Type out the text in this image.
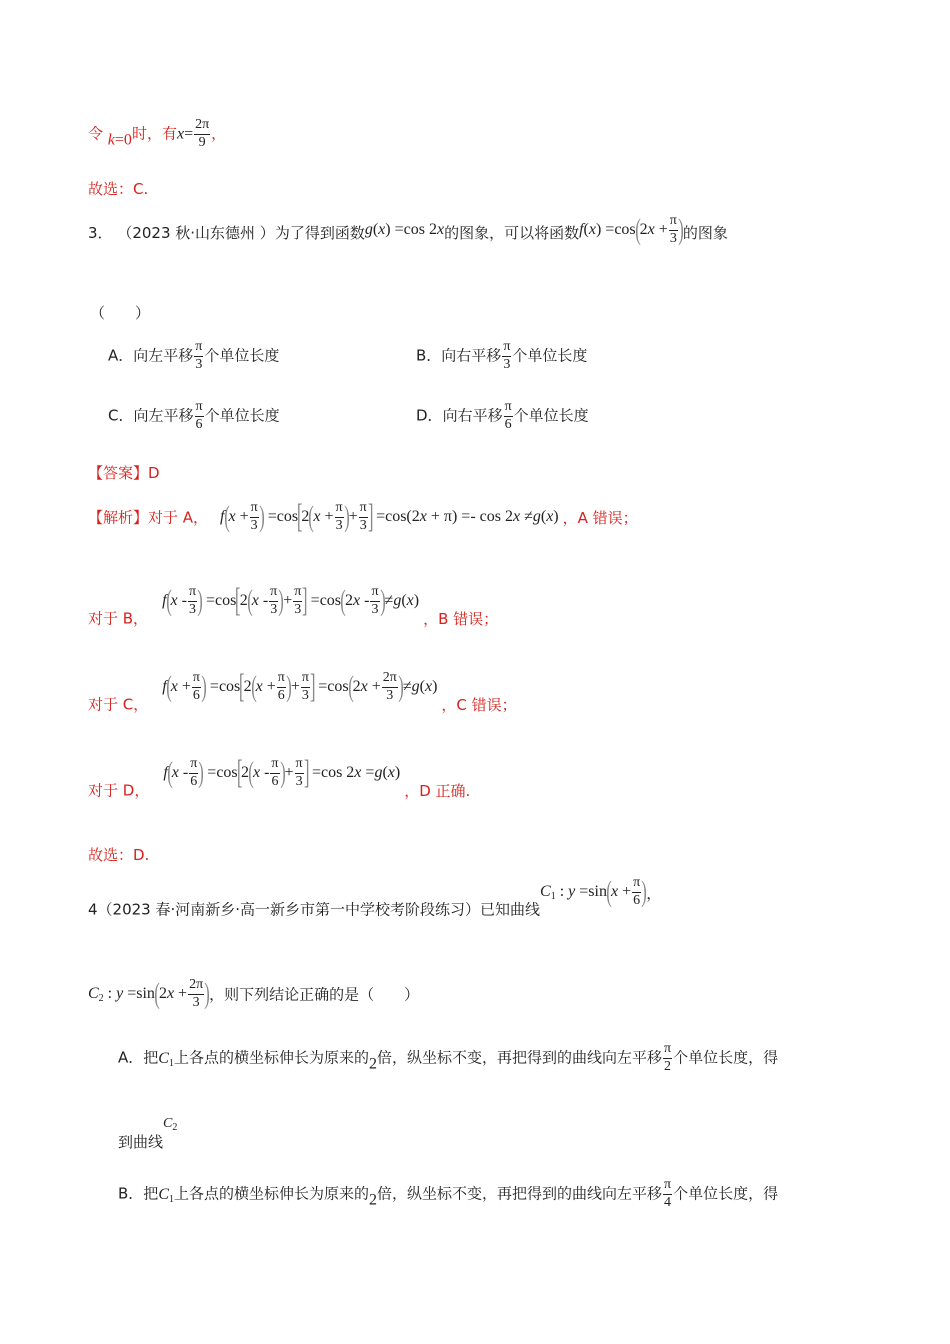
令 k=0时，有$x= \frac{2\pi}{9}$ ，
故选：C.
3． （2023 秋·山东德州 ）为了得到函数 g ( x ) =cos 2 x 的图象，可以将函数 f ( x ) =cos ( 2 $x + \frac{\pi}{3}$ ) 的图象
（　　）
A．向左平移 $\frac{\pi}{3}$ 个单位长度	B．向右平移 $\frac{\pi}{3}$ 个单位长度
C．向左平移 $\frac{\pi}{6}$ 个单位长度	D．向右平移 $\frac{\pi}{6}$ 个单位长度
【答案】D
【解析】对于 A， f ( $x + \frac{\pi}{3}$ ) =cos
[
2 ( $x + \frac{\pi}{3}$ ) + $\frac{\pi}{3}$ ]
=cos(2 x + π) =- cos 2 x ≠ g ( x ) ，A 错误；
对于 B，
f ( x -
π
3 ) =cos
[
2 ( x -
π
3 ) + $\frac{\pi}{3}$ ]
=cos ( 2 x -
π
3 ) ≠ g ( x )
，B 错误；
对于 C，
f ( $x + \frac{\pi}{6}$ ) =cos
[
2 ( $x + \frac{\pi}{6}$ ) + $\frac{\pi}{3}$ ]
=cos ( 2 $x + \frac{2\pi}{3}$ ) ≠ g ( x )
，C 错误；
对于 D，
f ( x -
π
6 ) =cos
[
2 ( x -
π
6 ) + $\frac{\pi}{3}$ ]
=cos 2 x = g ( x )
，D 正确.
故选：D.
4（2023 春·河南新乡·高一新乡市第一中学校考阶段练习）已知曲线
$C_1$ : y =sin ( $x + \frac{\pi}{6}$ ) ，
$C_2$ : y =sin ( 2 $x + \frac{2\pi}{3}$ ) ，则下列结论正确的是（　　）
A．把$C_1$上各点的横坐标伸长为原来的2倍，纵坐标不变，再把得到的曲线向左平移 $\frac{\pi}{2}$ 个单位长度，得
到曲线$C_2$
B．把$C_1$上各点的横坐标伸长为原来的2倍，纵坐标不变，再把得到的曲线向左平移 $\frac{\pi}{4}$ 个单位长度，得
